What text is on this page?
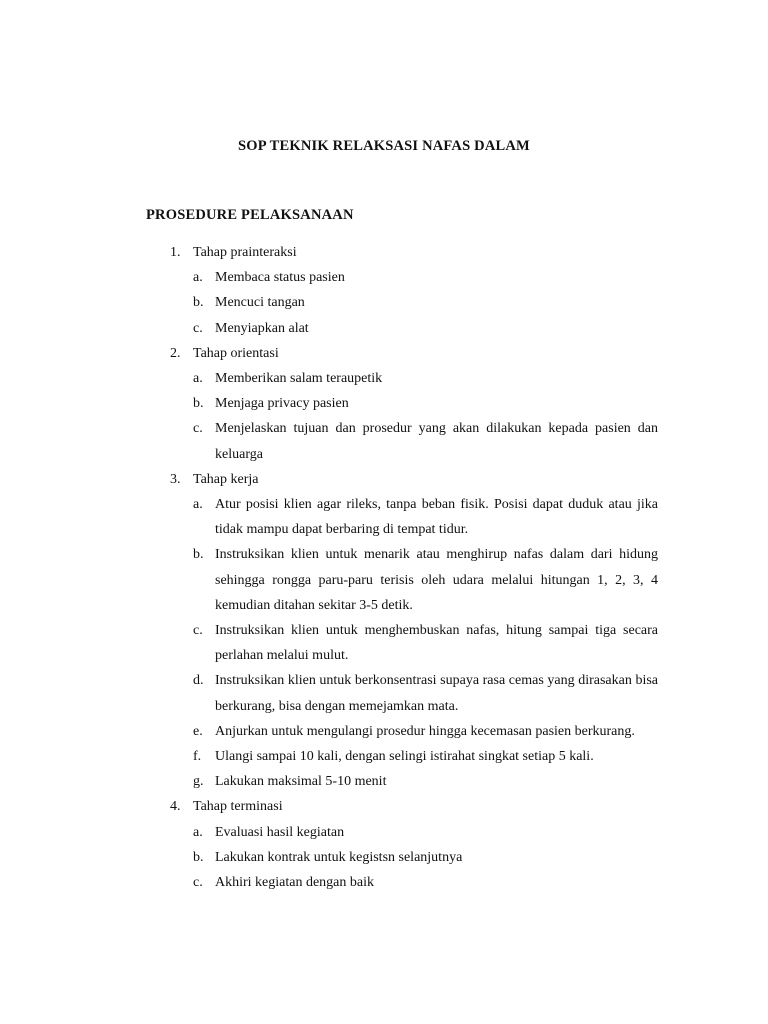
SOP TEKNIK RELAKSASI NAFAS DALAM
PROSEDURE PELAKSANAAN
1. Tahap prainteraksi
a. Membaca status pasien
b. Mencuci tangan
c. Menyiapkan alat
2. Tahap orientasi
a. Memberikan salam teraupetik
b. Menjaga privacy pasien
c. Menjelaskan tujuan dan prosedur yang akan dilakukan kepada pasien dan keluarga
3. Tahap kerja
a. Atur posisi klien agar rileks, tanpa beban fisik. Posisi dapat duduk atau jika tidak mampu dapat berbaring di tempat tidur.
b. Instruksikan klien untuk menarik atau menghirup nafas dalam dari hidung sehingga rongga paru-paru terisis oleh udara melalui hitungan 1, 2, 3, 4 kemudian ditahan sekitar 3-5 detik.
c. Instruksikan klien untuk menghembuskan nafas, hitung sampai tiga secara perlahan melalui mulut.
d. Instruksikan klien untuk berkonsentrasi supaya rasa cemas yang dirasakan bisa berkurang, bisa dengan memejamkan mata.
e. Anjurkan untuk mengulangi prosedur hingga kecemasan pasien berkurang.
f. Ulangi sampai 10 kali, dengan selingi istirahat singkat setiap 5 kali.
g. Lakukan maksimal 5-10 menit
4. Tahap terminasi
a. Evaluasi hasil kegiatan
b. Lakukan kontrak untuk kegistsn selanjutnya
c. Akhiri kegiatan dengan baik
